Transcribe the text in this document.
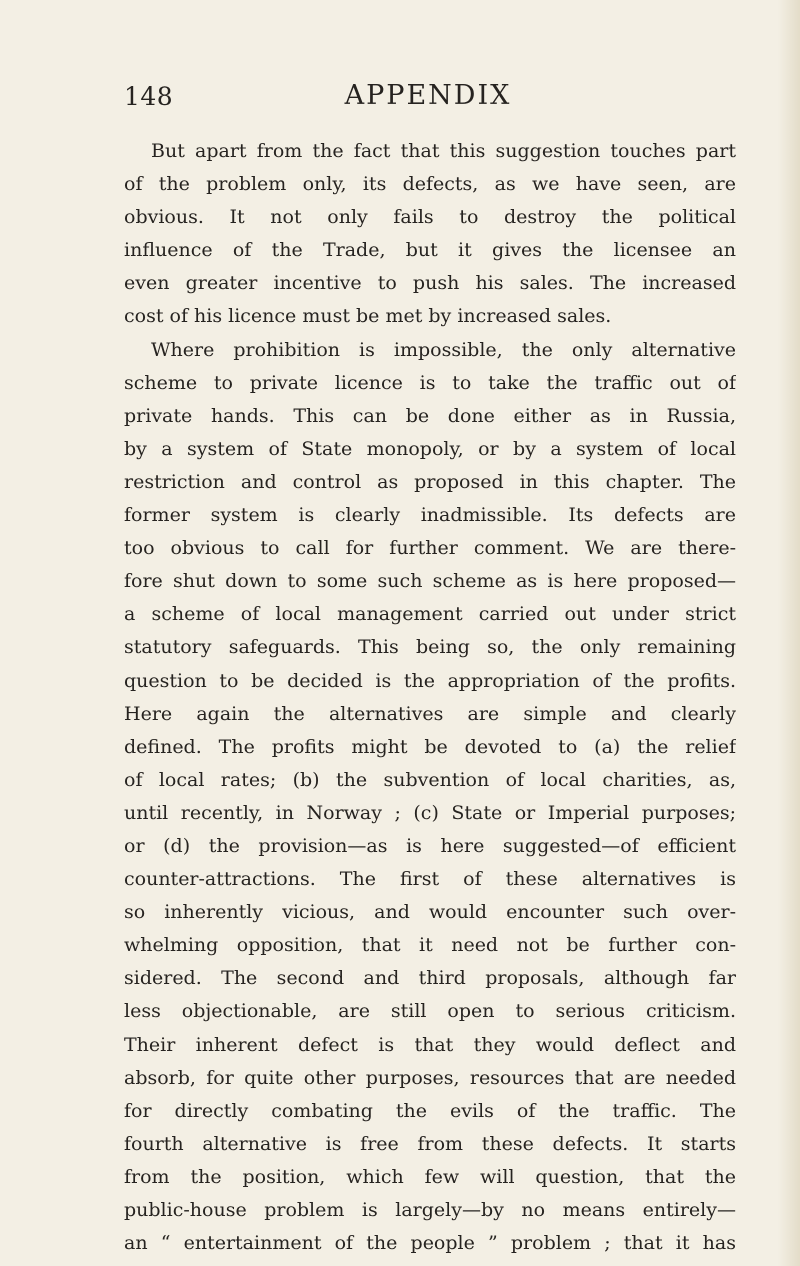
148	APPENDIX
But apart from the fact that this suggestion touches part
of the problem only, its defects, as we have seen, are
obvious. It not only fails to destroy the political
influence of the Trade, but it gives the licensee an
even greater incentive to push his sales. The increased
cost of his licence must be met by increased sales.
Where prohibition is impossible, the only alternative
scheme to private licence is to take the traffic out of
private hands. This can be done either as in Russia,
by a system of State monopoly, or by a system of local
restriction and control as proposed in this chapter. The
former system is clearly inadmissible. Its defects are
too obvious to call for further comment. We are there-
fore shut down to some such scheme as is here proposed—
a scheme of local management carried out under strict
statutory safeguards. This being so, the only remaining
question to be decided is the appropriation of the profits.
Here again the alternatives are simple and clearly
defined. The profits might be devoted to (a) the relief
of local rates; (b) the subvention of local charities, as,
until recently, in Norway ; (c) State or Imperial purposes;
or (d) the provision—as is here suggested—of efficient
counter-attractions. The first of these alternatives is
so inherently vicious, and would encounter such over-
whelming opposition, that it need not be further con-
sidered. The second and third proposals, although far
less objectionable, are still open to serious criticism.
Their inherent defect is that they would deflect and
absorb, for quite other purposes, resources that are needed
for directly combating the evils of the traffic. The
fourth alternative is free from these defects. It starts
from the position, which few will question, that the
public-house problem is largely—by no means entirely—
an “ entertainment of the people ” problem ; that it has
